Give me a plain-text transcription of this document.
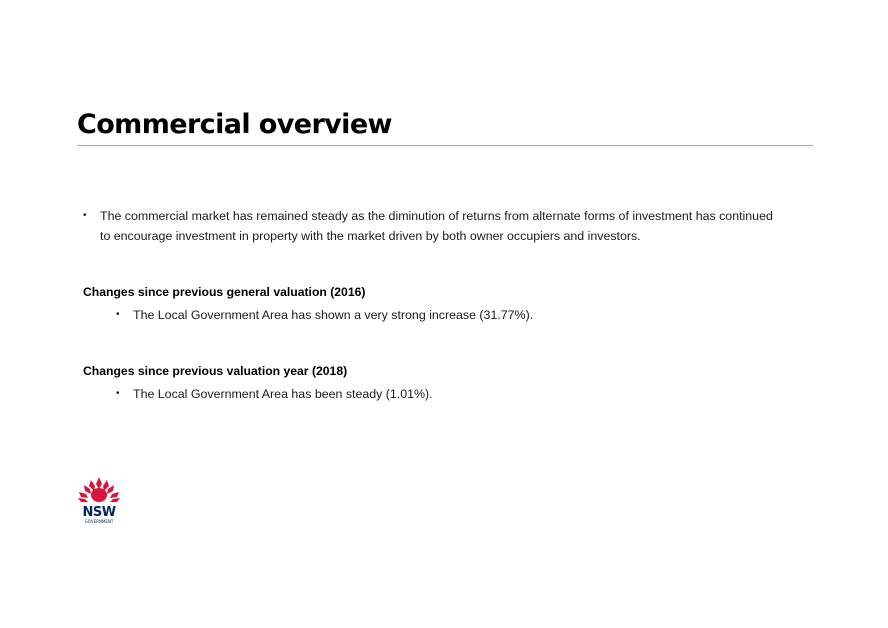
Commercial overview
•	The commercial market has remained steady as the diminution of returns from alternate forms of investment has continued to encourage investment in property with the market driven by both owner occupiers and investors.
Changes since previous general valuation (2016)
•	The Local Government Area has shown a very strong increase (31.77%).
Changes since previous valuation year (2018)
•	The Local Government Area has been steady (1.01%).
NSW
GOVERNMENT
